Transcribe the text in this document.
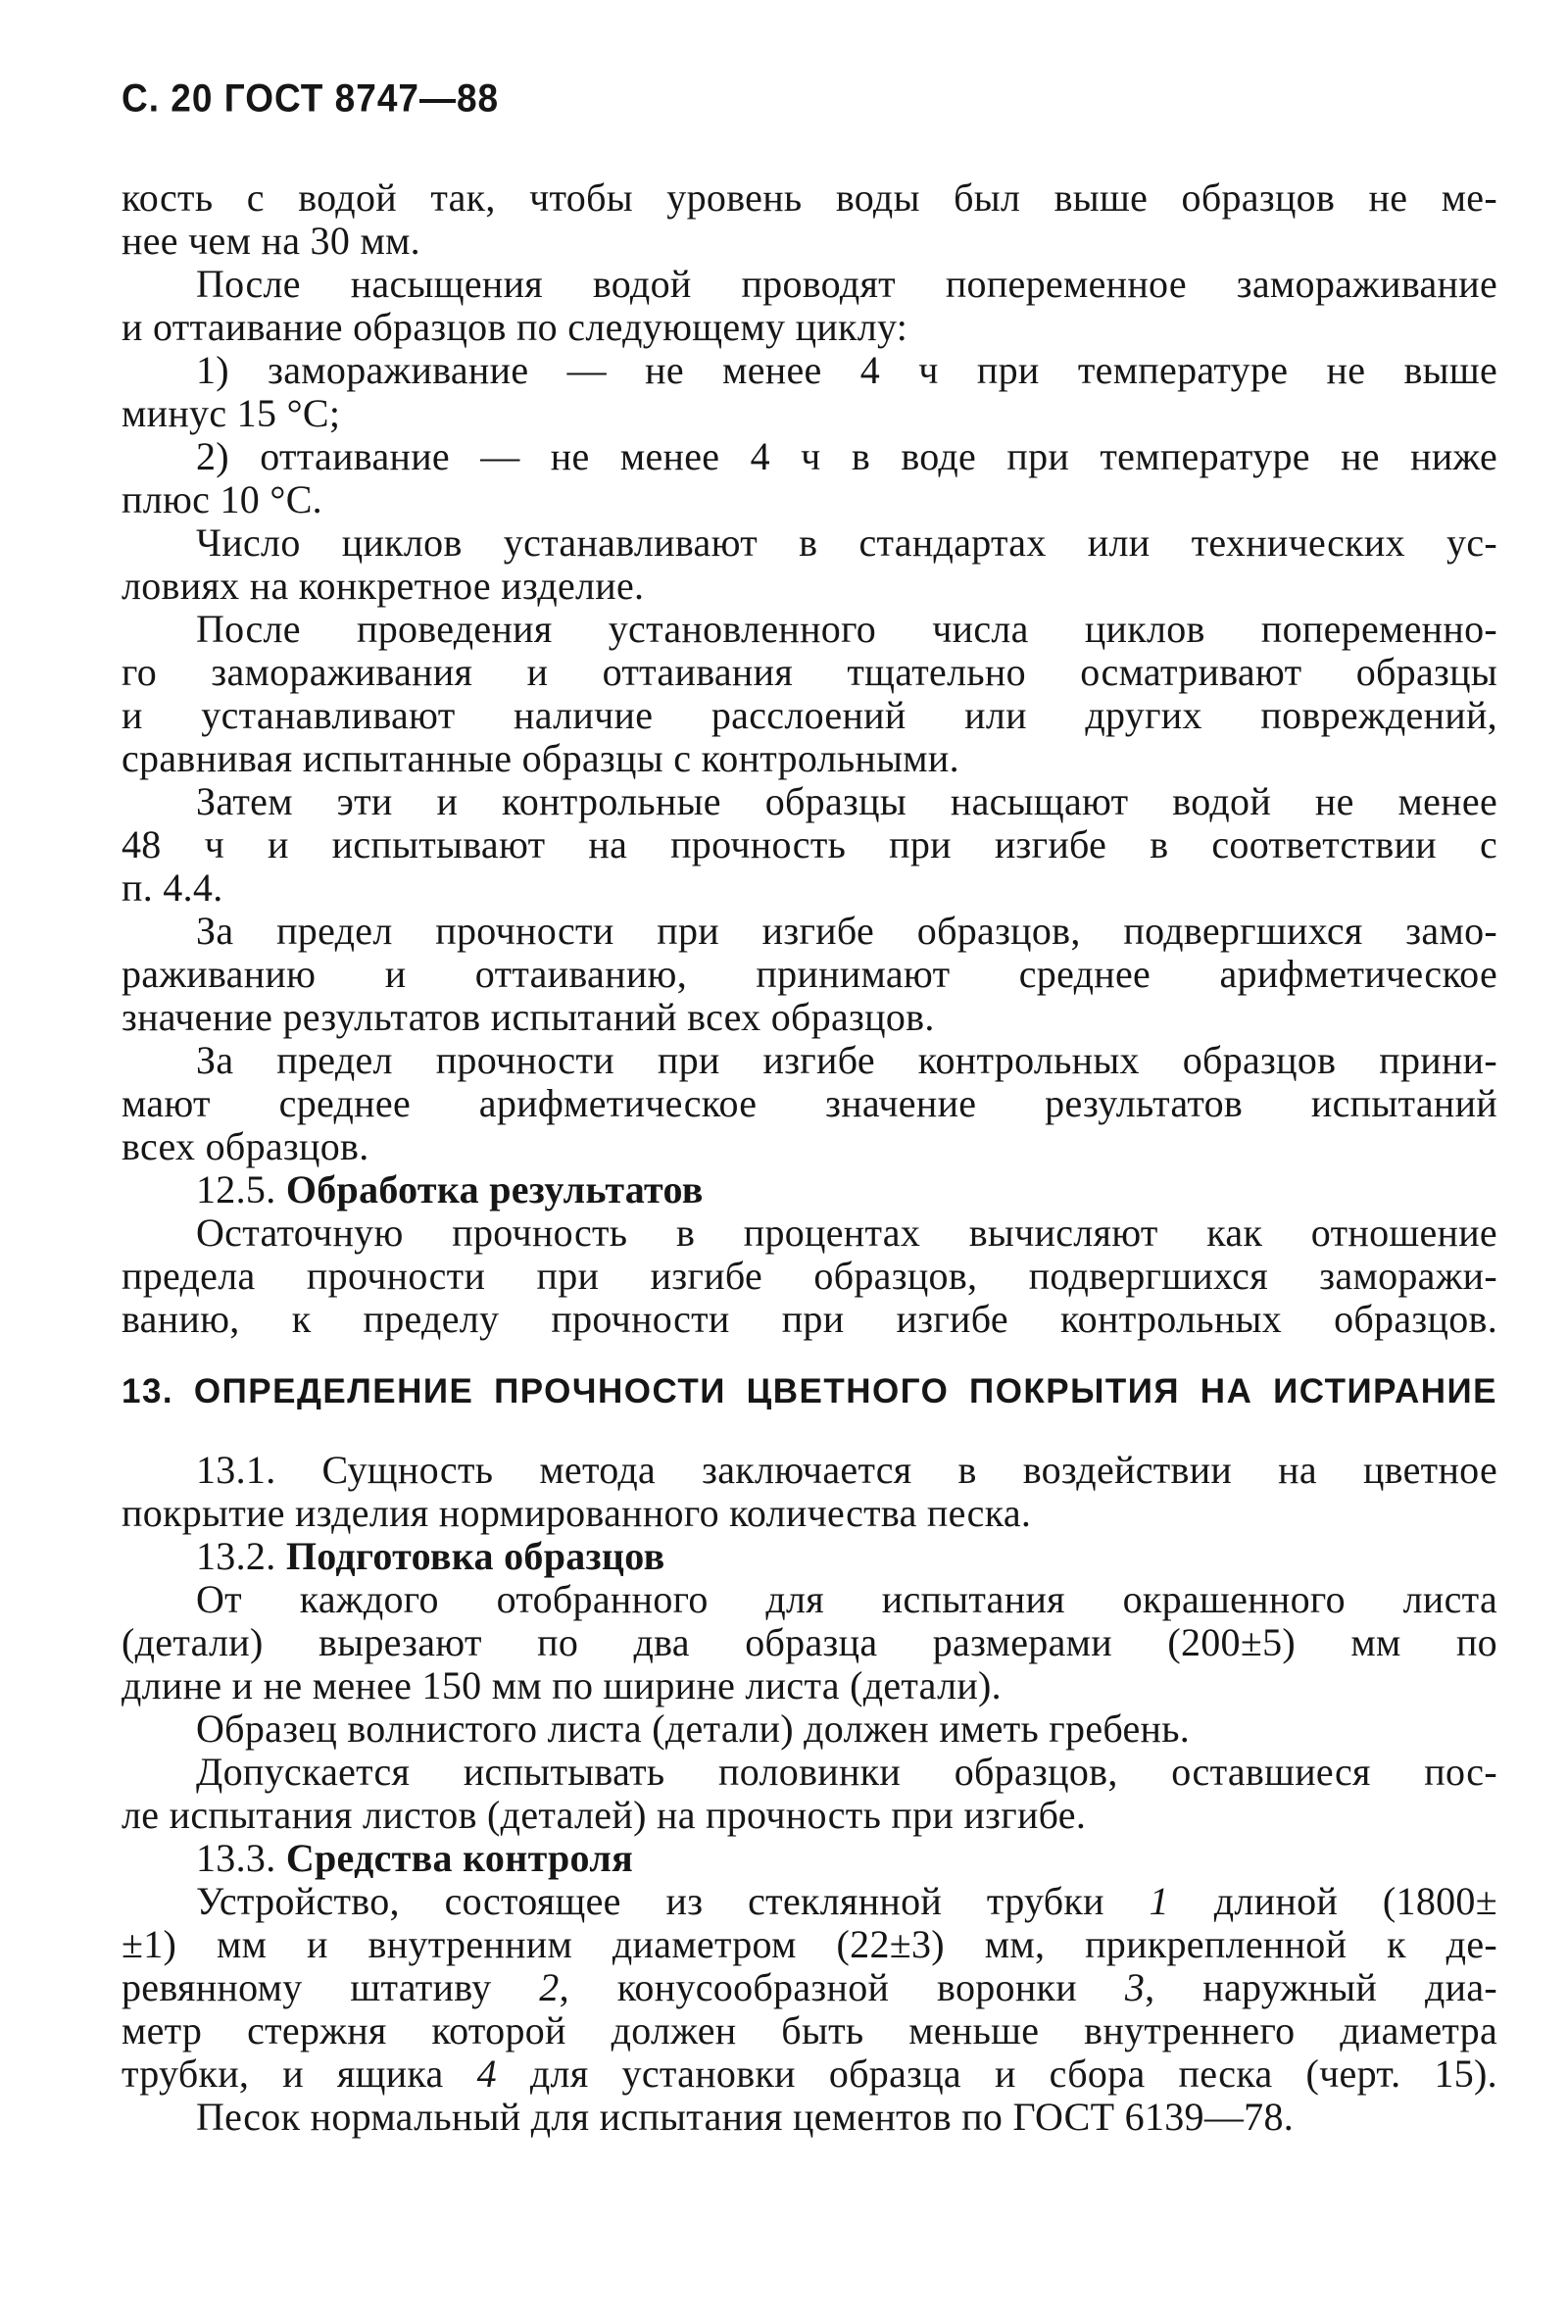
С. 20 ГОСТ 8747—88
кость с водой так, чтобы уровень воды был выше образцов не ме-
нее чем на 30 мм.
После насыщения водой проводят попеременное замораживание
и оттаивание образцов по следующему циклу:
1) замораживание — не менее 4 ч при температуре не выше
минус 15 °С;
2) оттаивание — не менее 4 ч в воде при температуре не ниже
плюс 10 °С.
Число циклов устанавливают в стандартах или технических ус-
ловиях на конкретное изделие.
После проведения установленного числа циклов попеременно-
го замораживания и оттаивания тщательно осматривают образцы
и устанавливают наличие расслоений или других повреждений,
сравнивая испытанные образцы с контрольными.
Затем эти и контрольные образцы насыщают водой не менее
48 ч и испытывают на прочность при изгибе в соответствии с
п. 4.4.
За предел прочности при изгибе образцов, подвергшихся замо-
раживанию и оттаиванию, принимают среднее арифметическое
значение результатов испытаний всех образцов.
За предел прочности при изгибе контрольных образцов прини-
мают среднее арифметическое значение результатов испытаний
всех образцов.
12.5. Обработка результатов
Остаточную прочность в процентах вычисляют как отношение
предела прочности при изгибе образцов, подвергшихся заморажи-
ванию, к пределу прочности при изгибе контрольных образцов.
13. ОПРЕДЕЛЕНИЕ ПРОЧНОСТИ ЦВЕТНОГО ПОКРЫТИЯ НА ИСТИРАНИЕ
13.1. Сущность метода заключается в воздействии на цветное
покрытие изделия нормированного количества песка.
13.2. Подготовка образцов
От каждого отобранного для испытания окрашенного листа
(детали) вырезают по два образца размерами (200±5) мм по
длине и не менее 150 мм по ширине листа (детали).
Образец волнистого листа (детали) должен иметь гребень.
Допускается испытывать половинки образцов, оставшиеся пос-
ле испытания листов (деталей) на прочность при изгибе.
13.3. Средства контроля
Устройство, состоящее из стеклянной трубки 1 длиной (1800±
±1) мм и внутренним диаметром (22±3) мм, прикрепленной к де-
ревянному штативу 2, конусообразной воронки 3, наружный диа-
метр стержня которой должен быть меньше внутреннего диаметра
трубки, и ящика 4 для установки образца и сбора песка (черт. 15).
Песок нормальный для испытания цементов по ГОСТ 6139—78.
